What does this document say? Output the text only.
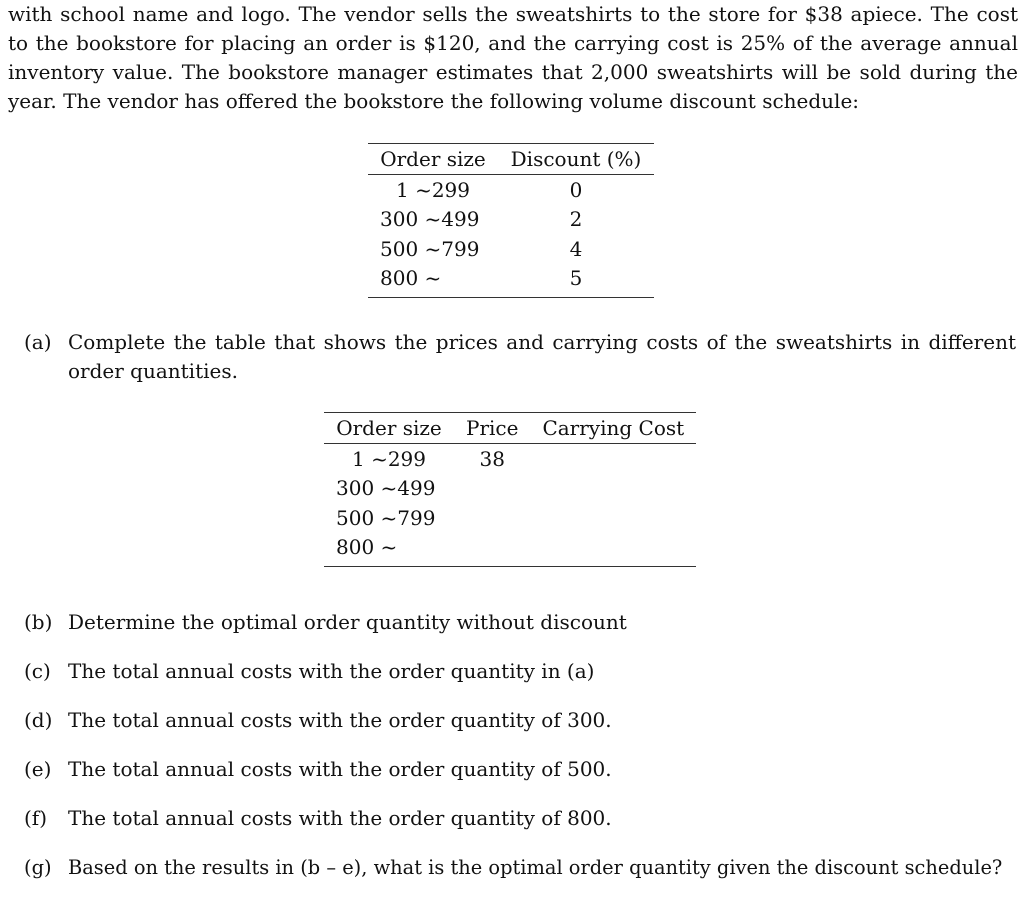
with school name and logo. The vendor sells the sweatshirts to the store for $38 apiece. The cost
to the bookstore for placing an order is $120, and the carrying cost is 25% of the average annual
inventory value. The bookstore manager estimates that 2,000 sweatshirts will be sold during the
year. The vendor has offered the bookstore the following volume discount schedule:
Order size	Discount (%)
1 ~299	0
300 ~499	2
500 ~799	4
800 ~	5
(a) Complete the table that shows the prices and carrying costs of the sweatshirts in different
order quantities.
Order size	Price	Carrying Cost
1 ~299	38	
300 ~499		
500 ~799		
800 ~		
(b) Determine the optimal order quantity without discount
(c) The total annual costs with the order quantity in (a)
(d) The total annual costs with the order quantity of 300.
(e) The total annual costs with the order quantity of 500.
(f) The total annual costs with the order quantity of 800.
(g) Based on the results in (b – e), what is the optimal order quantity given the discount schedule?
